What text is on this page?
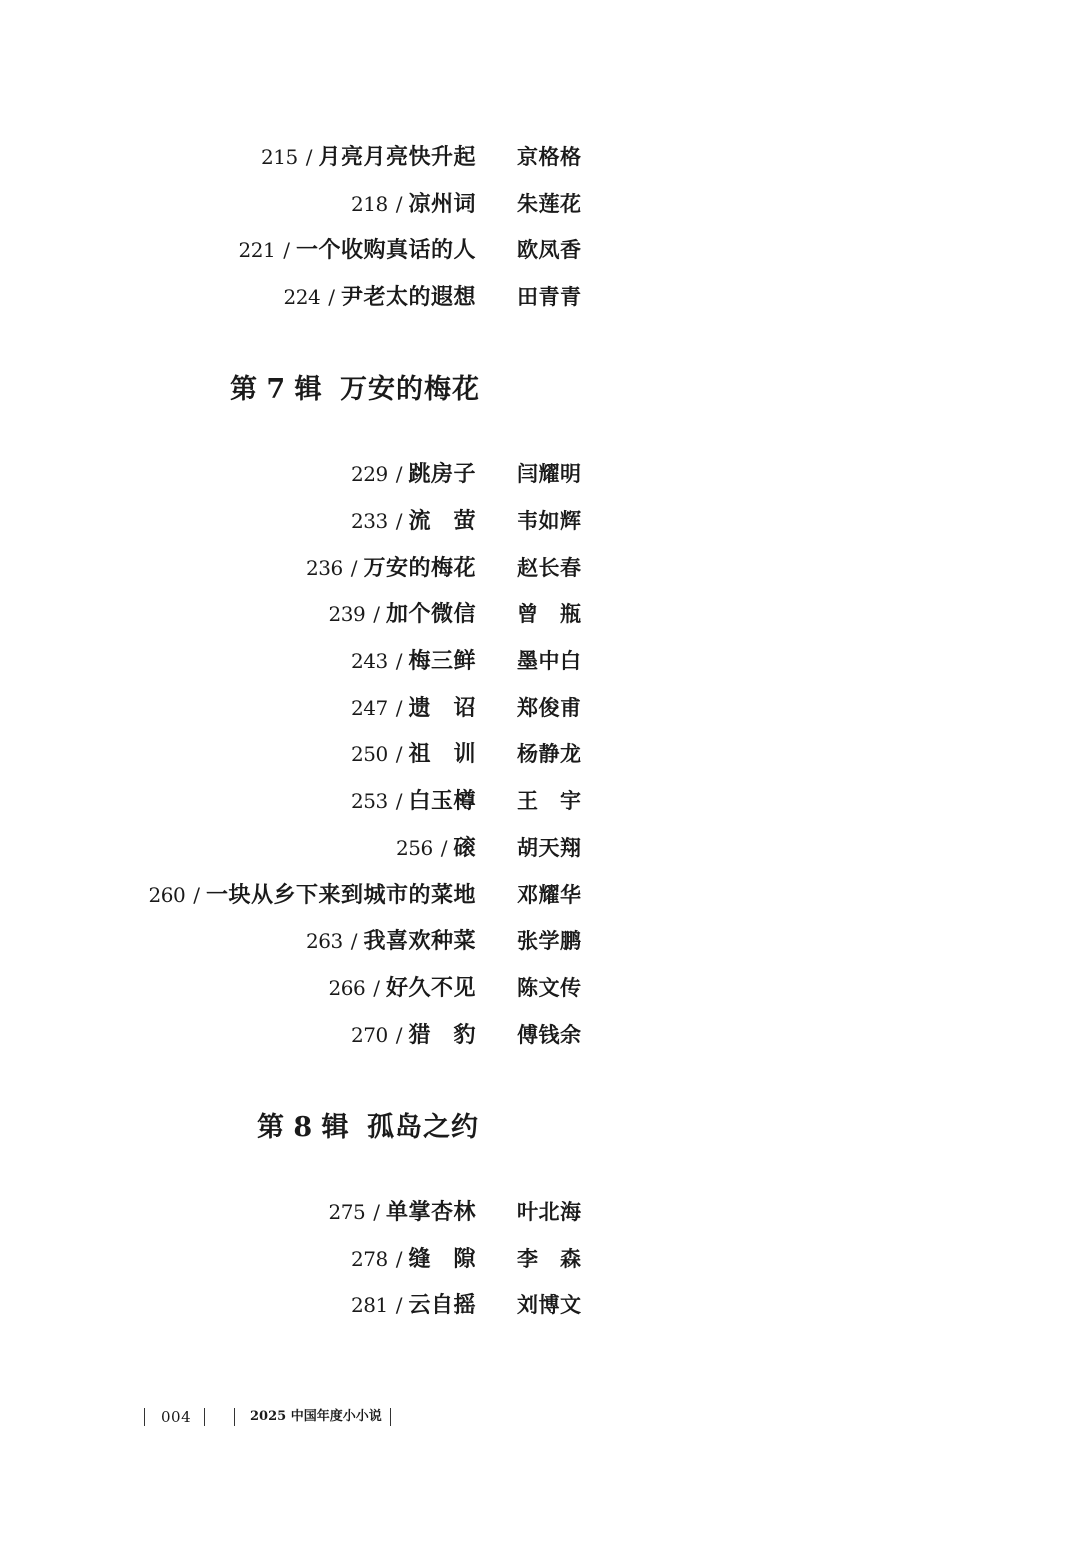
215 / 月亮月亮快升起 京格格
218 / 凉州词 朱莲花
221 / 一个收购真话的人 欧凤香
224 / 尹老太的遐想 田青青
第 7 辑 万安的梅花
229 / 跳房子 闫耀明
233 / 流　萤 韦如辉
236 / 万安的梅花 赵长春
239 / 加个微信 曾　瓶
243 / 梅三鲜 墨中白
247 / 遗　诏 郑俊甫
250 / 祖　训 杨静龙
253 / 白玉樽 王　宇
256 / 磙 胡天翔
260 / 一块从乡下来到城市的菜地 邓耀华
263 / 我喜欢种菜 张学鹏
266 / 好久不见 陈文传
270 / 猎　豹 傅钱余
第 8 辑 孤岛之约
275 / 单掌杏林 叶北海
278 / 缝　隙 李　森
281 / 云自摇 刘博文
004	2025 中国年度小小说
